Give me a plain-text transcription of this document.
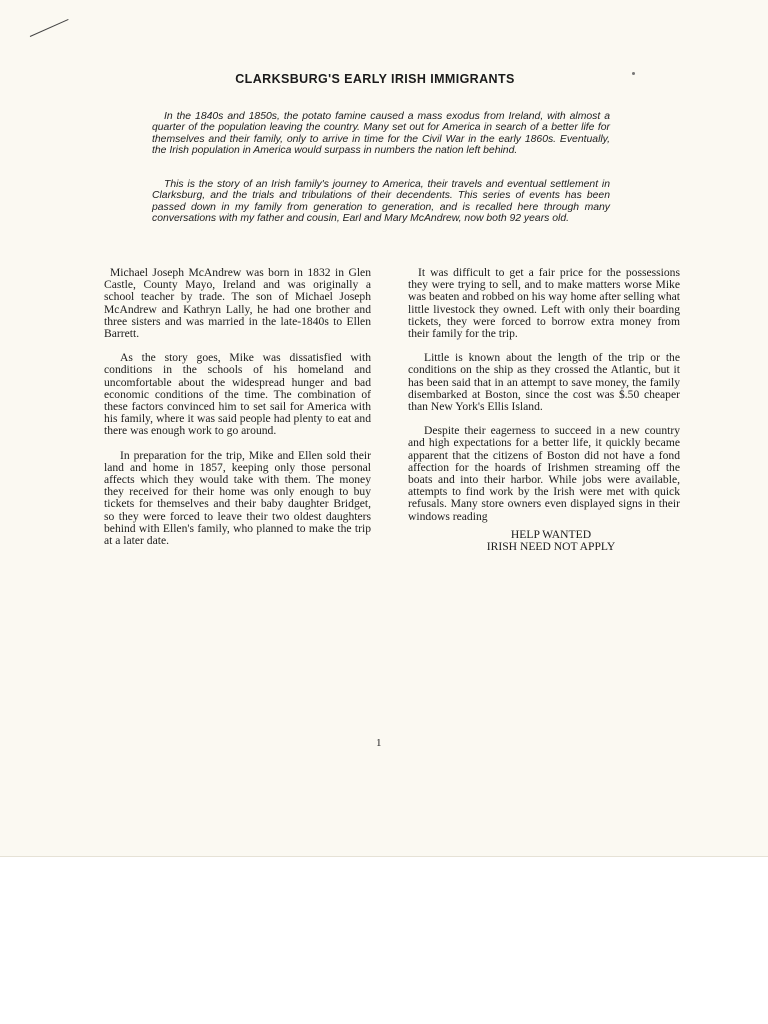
CLARKSBURG'S EARLY IRISH IMMIGRANTS

In the 1840s and 1850s, the potato famine caused a mass exodus from Ireland, with almost a quarter of the population leaving the country. Many set out for America in search of a better life for themselves and their family, only to arrive in time for the Civil War in the early 1860s. Eventually, the Irish population in America would surpass in numbers the nation left behind.

This is the story of an Irish family's journey to America, their travels and eventual settlement in Clarksburg, and the trials and tribulations of their decendents. This series of events has been passed down in my family from generation to generation, and is recalled here through many conversations with my father and cousin, Earl and Mary McAndrew, now both 92 years old.

Michael Joseph McAndrew was born in 1832 in Glen Castle, County Mayo, Ireland and was originally a school teacher by trade. The son of Michael Joseph McAndrew and Kathryn Lally, he had one brother and three sisters and was married in the late-1840s to Ellen Barrett.

As the story goes, Mike was dissatisfied with conditions in the schools of his homeland and uncomfortable about the widespread hunger and bad economic conditions of the time. The combination of these factors convinced him to set sail for America with his family, where it was said people had plenty to eat and there was enough work to go around.

In preparation for the trip, Mike and Ellen sold their land and home in 1857, keeping only those personal affects which they would take with them. The money they received for their home was only enough to buy tickets for themselves and their baby daughter Bridget, so they were forced to leave their two oldest daughters behind with Ellen's family, who planned to make the trip at a later date.

It was difficult to get a fair price for the possessions they were trying to sell, and to make matters worse Mike was beaten and robbed on his way home after selling what little livestock they owned. Left with only their boarding tickets, they were forced to borrow extra money from their family for the trip.

Little is known about the length of the trip or the conditions on the ship as they crossed the Atlantic, but it has been said that in an attempt to save money, the family disembarked at Boston, since the cost was $.50 cheaper than New York's Ellis Island.

Despite their eagerness to succeed in a new country and high expectations for a better life, it quickly became apparent that the citizens of Boston did not have a fond affection for the hoards of Irishmen streaming off the boats and into their harbor. While jobs were available, attempts to find work by the Irish were met with quick refusals. Many store owners even displayed signs in their windows reading

HELP WANTED
IRISH NEED NOT APPLY
1
